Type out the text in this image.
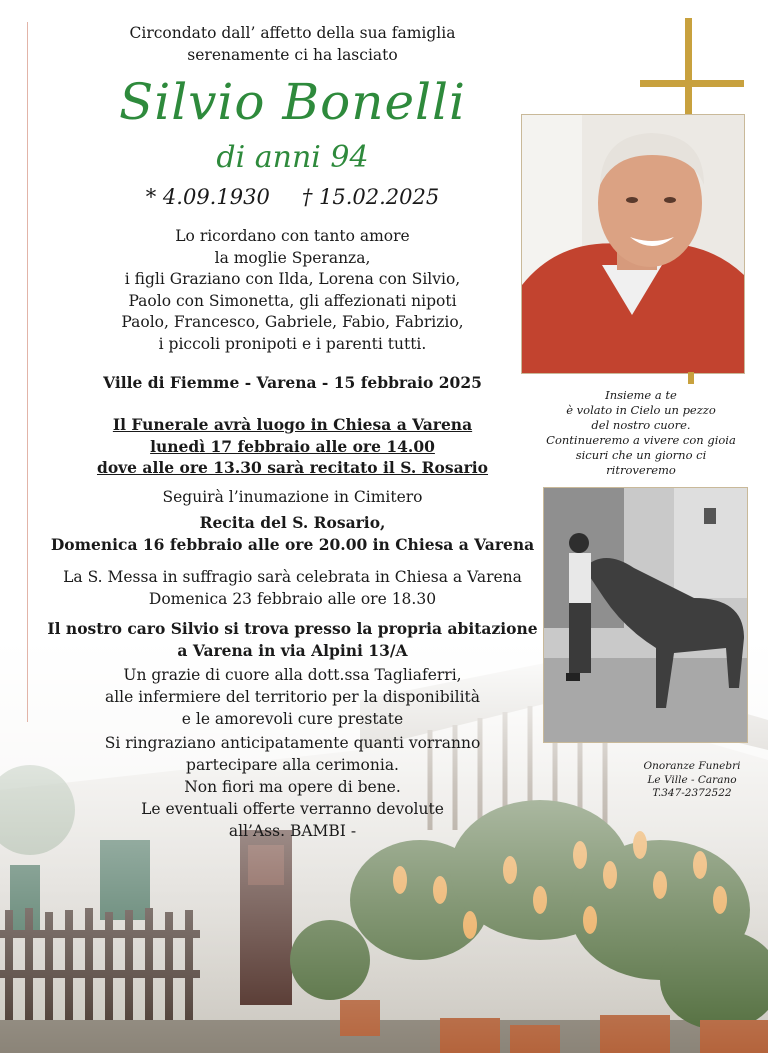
Circondato dall’ affetto della sua famiglia
serenamente ci ha lasciato
Silvio Bonelli
di anni 94
* 4.09.1930 † 15.02.2025
Lo ricordano con tanto amore
la moglie Speranza,
i figli Graziano con Ilda, Lorena con Silvio,
Paolo con Simonetta, gli affezionati nipoti
Paolo, Francesco, Gabriele, Fabio, Fabrizio,
i piccoli pronipoti e i parenti tutti.
Ville di Fiemme - Varena - 15 febbraio 2025
Il Funerale avrà luogo in Chiesa a Varena
lunedì 17 febbraio alle ore 14.00
dove alle ore 13.30 sarà recitato il S. Rosario
Seguirà l’inumazione in Cimitero
Recita del S. Rosario,
Domenica 16 febbraio alle ore 20.00 in Chiesa a Varena
La S. Messa in suffragio sarà celebrata in Chiesa a Varena
Domenica 23 febbraio alle ore 18.30
Il nostro caro Silvio si trova presso la propria abitazione
a Varena in via Alpini 13/A
Un grazie di cuore alla dott.ssa Tagliaferri,
alle infermiere del territorio per la disponibilità
e le amorevoli cure prestate
Si ringraziano anticipatamente quanti vorranno
partecipare alla cerimonia.
Non fiori ma opere di bene.
Le eventuali offerte verranno devolute
all’Ass. BAMBI -
Insieme a te
è volato in Cielo un pezzo
del nostro cuore.
Continueremo a vivere con gioia
sicuri che un giorno ci
ritroveremo
Onoranze Funebri
Le Ville - Carano
T.347-2372522
